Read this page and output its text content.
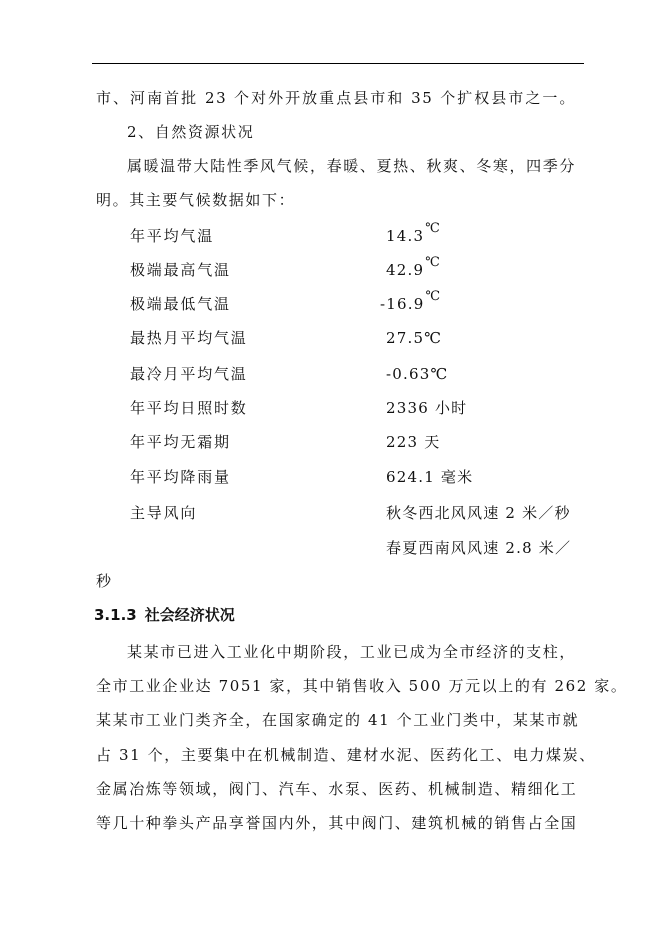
市、河南首批 23 个对外开放重点县市和 35 个扩权县市之一。
2、自然资源状况
属暖温带大陆性季风气候，春暖、夏热、秋爽、冬寒，四季分
明。其主要气候数据如下：
年平均气温	14.3℃
极端最高气温	42.9℃
极端最低气温	-16.9℃
最热月平均气温	27.5℃
最冷月平均气温	-0.63℃
年平均日照时数	2336 小时
年平均无霜期	223 天
年平均降雨量	624.1 毫米
主导风向	秋冬西北风风速 2 米／秒
春夏西南风风速 2.8 米／
秒
3.1.3 社会经济状况
某某市已进入工业化中期阶段，工业已成为全市经济的支柱，
全市工业企业达 7051 家，其中销售收入 500 万元以上的有 262 家。
某某市工业门类齐全，在国家确定的 41 个工业门类中，某某市就
占 31 个，主要集中在机械制造、建材水泥、医药化工、电力煤炭、
金属冶炼等领域，阀门、汽车、水泵、医药、机械制造、精细化工
等几十种拳头产品享誉国内外，其中阀门、建筑机械的销售占全国
